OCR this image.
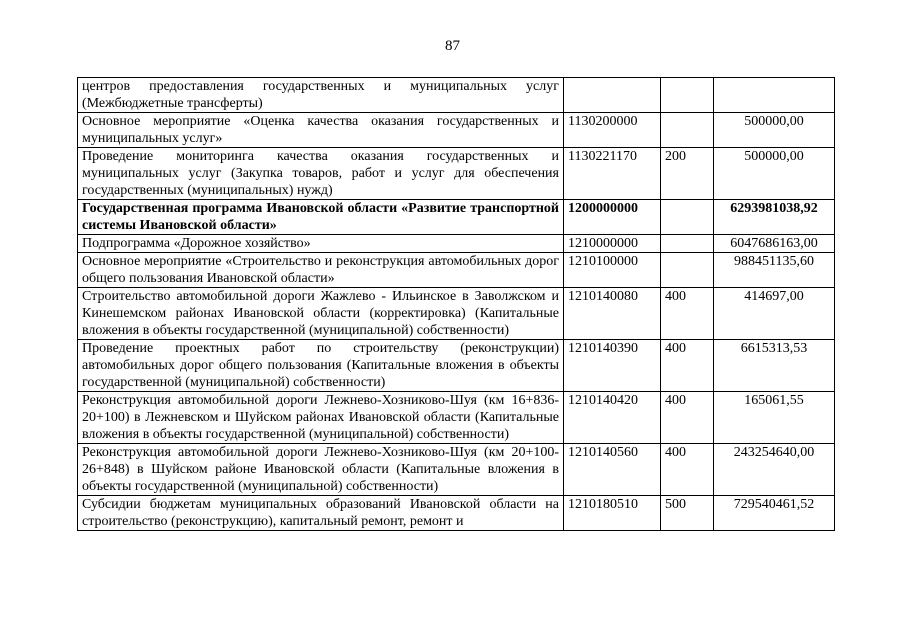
87
центров предоставления государственных и муниципальных услуг (Межбюджетные трансферты)			
Основное мероприятие «Оценка качества оказания государственных и муниципальных услуг»	1130200000		500000,00
Проведение мониторинга качества оказания государственных и муниципальных услуг (Закупка товаров, работ и услуг для обеспечения государственных (муниципальных) нужд)	1130221170	200	500000,00
Государственная программа Ивановской области «Развитие транспортной системы Ивановской области»	1200000000		6293981038,92
Подпрограмма «Дорожное хозяйство»	1210000000		6047686163,00
Основное мероприятие «Строительство и реконструкция автомобильных дорог общего пользования Ивановской области»	1210100000		988451135,60
Строительство автомобильной дороги Жажлево - Ильинское в Заволжском и Кинешемском районах Ивановской области (корректировка) (Капитальные вложения в объекты государственной (муниципальной) собственности)	1210140080	400	414697,00
Проведение проектных работ по строительству (реконструкции) автомобильных дорог общего пользования (Капитальные вложения в объекты государственной (муниципальной) собственности)	1210140390	400	6615313,53
Реконструкция автомобильной дороги Лежнево-Хозниково-Шуя (км 16+836-20+100) в Лежневском и Шуйском районах Ивановской области (Капитальные вложения в объекты государственной (муниципальной) собственности)	1210140420	400	165061,55
Реконструкция автомобильной дороги Лежнево-Хозниково-Шуя (км 20+100-26+848) в Шуйском районе Ивановской области (Капитальные вложения в объекты государственной (муниципальной) собственности)	1210140560	400	243254640,00
Субсидии бюджетам муниципальных образований Ивановской области на строительство (реконструкцию), капитальный ремонт, ремонт и	1210180510	500	729540461,52
